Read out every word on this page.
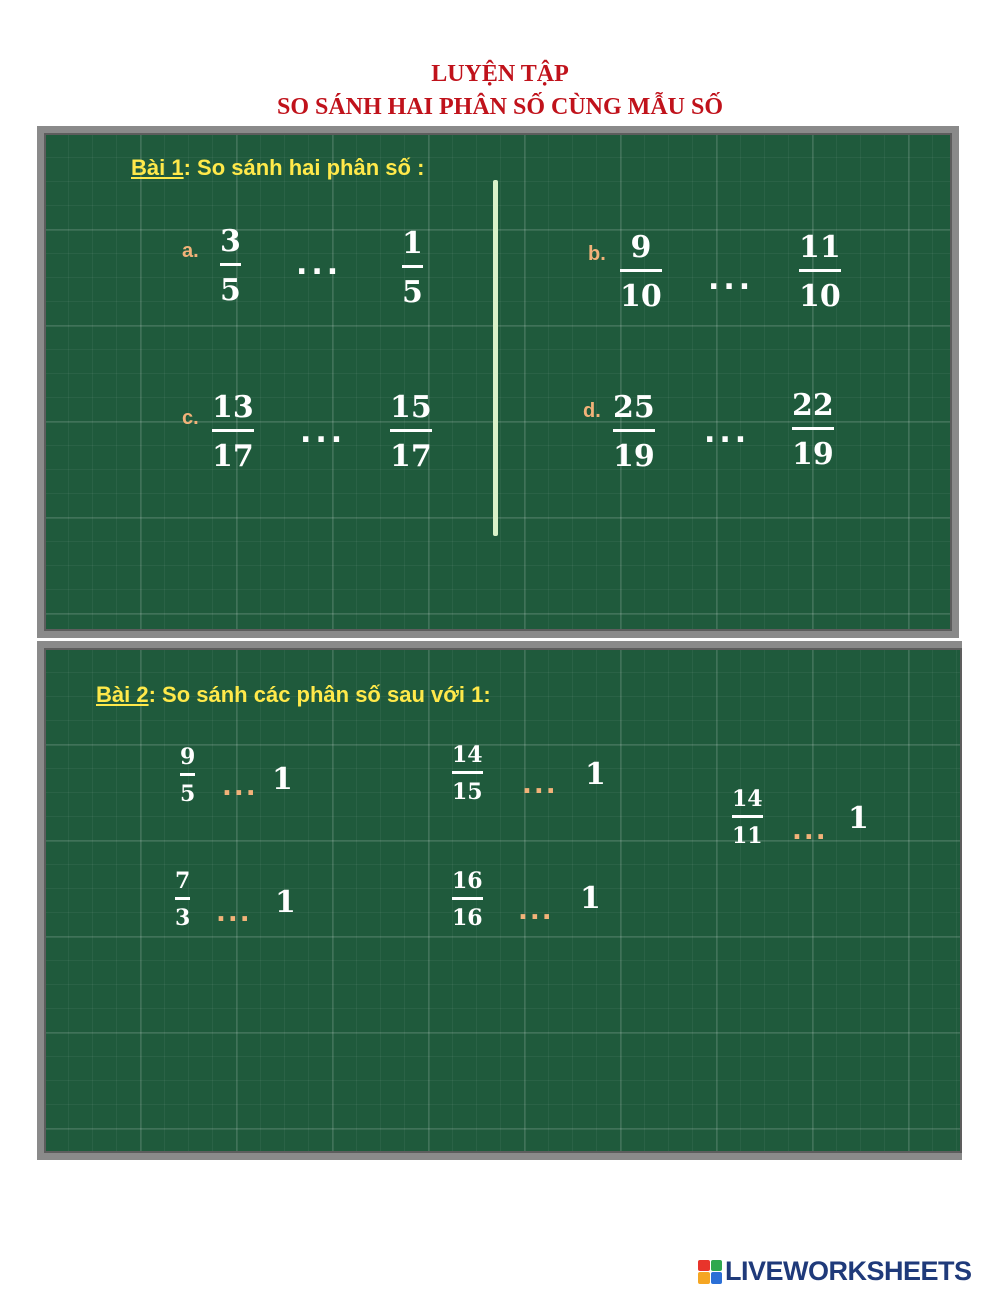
LUYỆN TẬP
SO SÁNH HAI PHÂN SỐ CÙNG MẪU SỐ
Bài 1: So sánh hai phân số :
a. 3
5
...
1
5
b. 9
10 ...
11
10
c. 13
17
...
15
17
d. 25
19
...
22
19
Bài 2: So sánh các phân số sau với 1:
9
5 ... 1
14
15 ... 1
14
11 ... 1
7
3 ... 1
16
16 ... 1
LIVEWORKSHEETS
